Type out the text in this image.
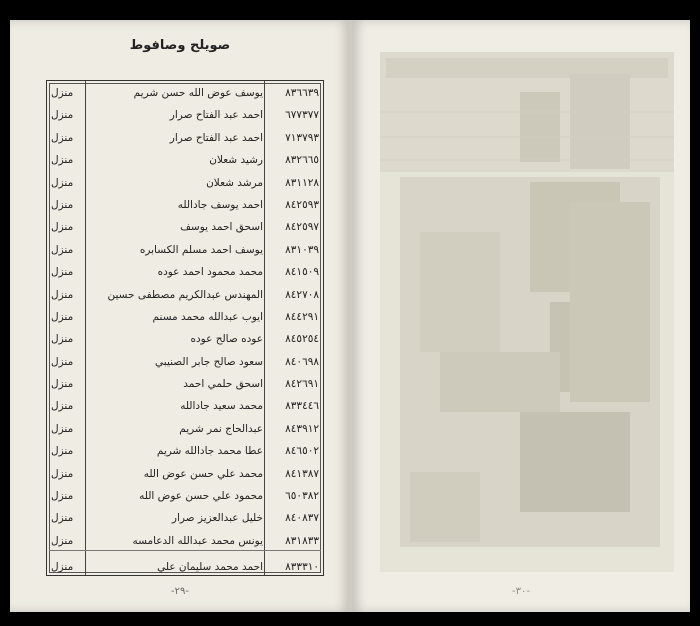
صويلح وصافوط
٨٣٦٦٣٩
يوسف عوض الله حسن شريم
منزل
٦٧٧٣٧٧
احمد عبد الفتاح صرار
منزل
٧١٣٧٩٣
احمد عبد الفتاح صرار
منزل
٨٣٢٦٦٥
رشيد شعلان
منزل
٨٣١١٢٨
مرشد شعلان
منزل
٨٤٢٥٩٣
احمد يوسف جادالله
منزل
٨٤٢٥٩٧
اسحق احمد يوسف
منزل
٨٣١٠٣٩
يوسف احمد مسلم الكسابره
منزل
٨٤١٥٠٩
محمد محمود احمد عوده
منزل
٨٤٢٧٠٨
المهندس عبدالكريم مصطفى حسين
منزل
٨٤٤٢٩١
ايوب عبدالله محمد مسنم
منزل
٨٤٥٢٥٤
عوده صالح عوده
منزل
٨٤٠٦٩٨
سعود صالح جابر الصنيبي
منزل
٨٤٢٦٩١
اسحق حلمي احمد
منزل
٨٣٣٤٤٦
محمد سعيد جادالله
منزل
٨٤٣٩١٢
عبدالحاج نمر شريم
منزل
٨٤٦٥٠٢
عطا محمد جادالله شريم
منزل
٨٤١٣٨٧
محمد علي حسن عوض الله
منزل
٦٥٠٣٨٢
محمود علي حسن عوض الله
منزل
٨٤٠٨٣٧
خليل عبدالعزيز صرار
منزل
٨٣١٨٣٣
يونس محمد عبدالله الدعامسه
منزل
٨٣٣٣١٠
احمد محمد سليمان علي
منزل
-٢٩-	-٣٠-
